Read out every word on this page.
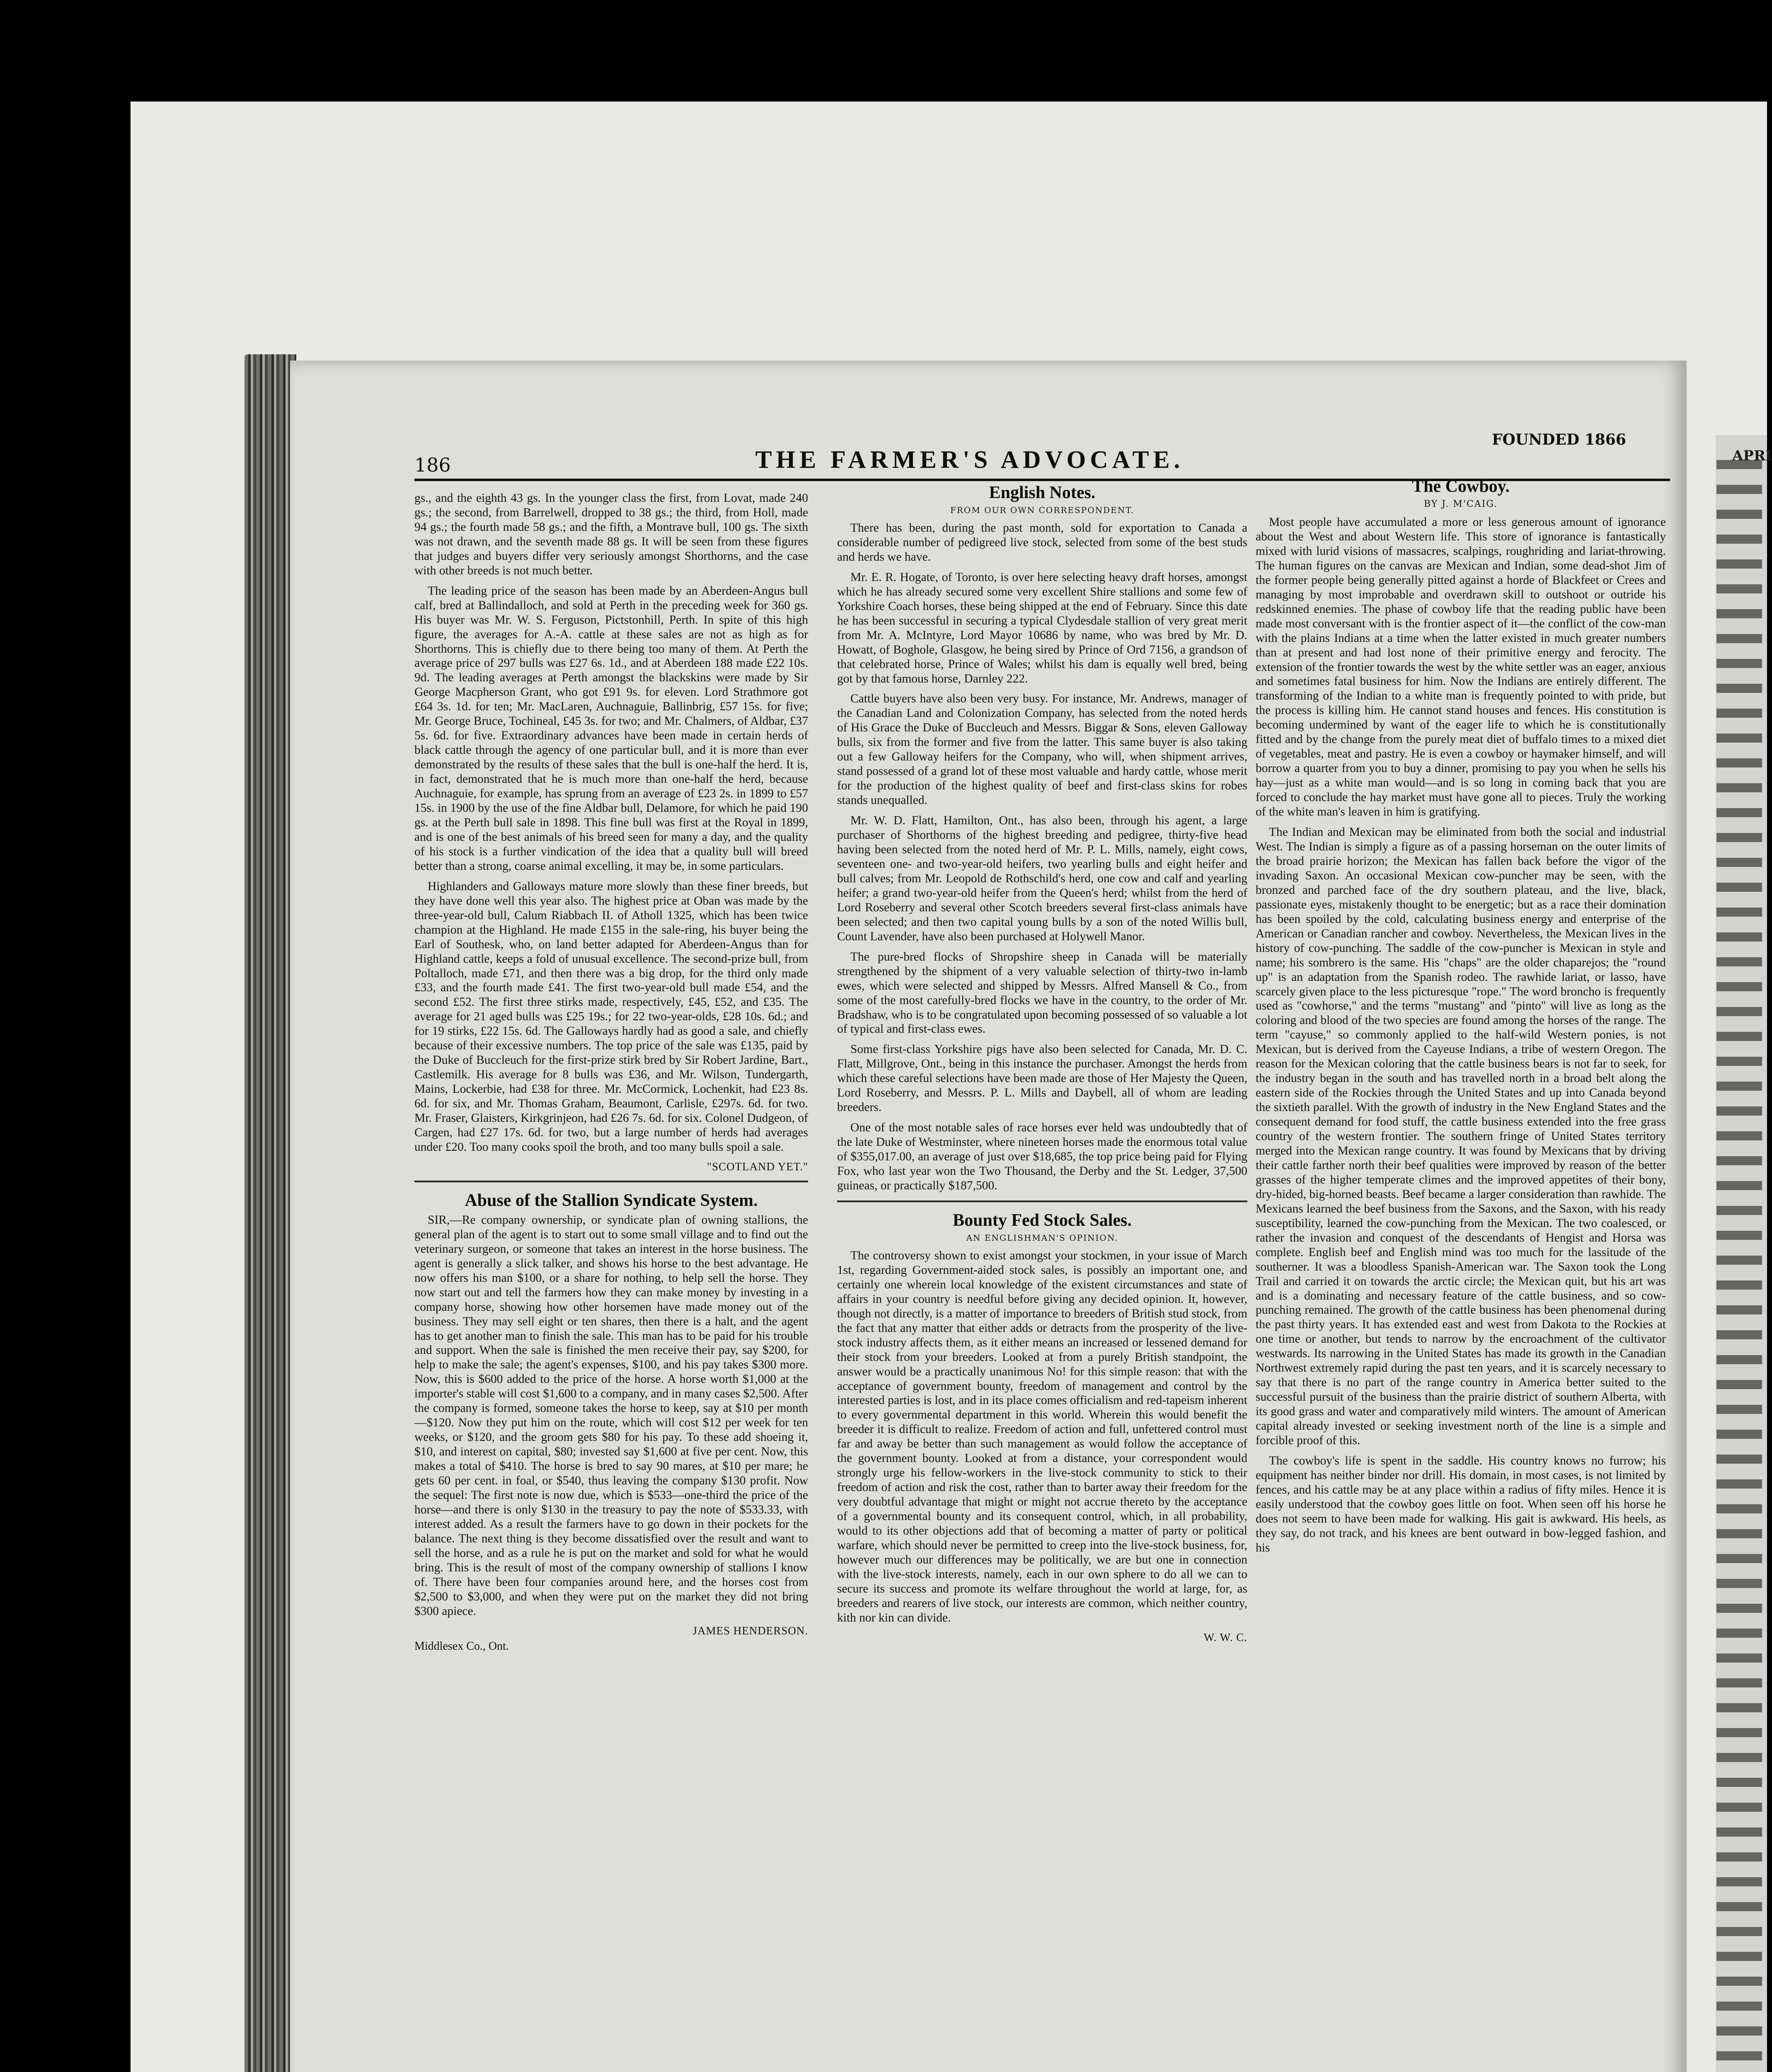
APRI
186	THE FARMER'S ADVOCATE.
FOUNDED 1866

gs., and the eighth 43 gs. In the younger class the first, from Lovat, made 240 gs.; the second, from Barrelwell, dropped to 38 gs.; the third, from Holl, made 94 gs.; the fourth made 58 gs.; and the fifth, a Montrave bull, 100 gs. The sixth was not drawn, and the seventh made 88 gs. It will be seen from these figures that judges and buyers differ very seriously amongst Shorthorns, and the case with other breeds is not much better.

The leading price of the season has been made by an Aberdeen-Angus bull calf, bred at Ballindalloch, and sold at Perth in the preceding week for 360 gs. His buyer was Mr. W. S. Ferguson, Pictstonhill, Perth. In spite of this high figure, the averages for A.-A. cattle at these sales are not as high as for Shorthorns. This is chiefly due to there being too many of them. At Perth the average price of 297 bulls was £27 6s. 1d., and at Aberdeen 188 made £22 10s. 9d. The leading averages at Perth amongst the blackskins were made by Sir George Macpherson Grant, who got £91 9s. for eleven. Lord Strathmore got £64 3s. 1d. for ten; Mr. MacLaren, Auchnaguie, Ballinbrig, £57 15s. for five; Mr. George Bruce, Tochineal, £45 3s. for two; and Mr. Chalmers, of Aldbar, £37 5s. 6d. for five. Extraordinary advances have been made in certain herds of black cattle through the agency of one particular bull, and it is more than ever demonstrated by the results of these sales that the bull is one-half the herd. It is, in fact, demonstrated that he is much more than one-half the herd, because Auchnaguie, for example, has sprung from an average of £23 2s. in 1899 to £57 15s. in 1900 by the use of the fine Aldbar bull, Delamore, for which he paid 190 gs. at the Perth bull sale in 1898. This fine bull was first at the Royal in 1899, and is one of the best animals of his breed seen for many a day, and the quality of his stock is a further vindication of the idea that a quality bull will breed better than a strong, coarse animal excelling, it may be, in some particulars.

Highlanders and Galloways mature more slowly than these finer breeds, but they have done well this year also. The highest price at Oban was made by the three-year-old bull, Calum Riabbach II. of Atholl 1325, which has been twice champion at the Highland. He made £155 in the sale-ring, his buyer being the Earl of Southesk, who, on land better adapted for Aberdeen-Angus than for Highland cattle, keeps a fold of unusual excellence. The second-prize bull, from Poltalloch, made £71, and then there was a big drop, for the third only made £33, and the fourth made £41. The first two-year-old bull made £54, and the second £52. The first three stirks made, respectively, £45, £52, and £35. The average for 21 aged bulls was £25 19s.; for 22 two-year-olds, £28 10s. 6d.; and for 19 stirks, £22 15s. 6d. The Galloways hardly had as good a sale, and chiefly because of their excessive numbers. The top price of the sale was £135, paid by the Duke of Buccleuch for the first-prize stirk bred by Sir Robert Jardine, Bart., Castlemilk. His average for 8 bulls was £36, and Mr. Wilson, Tundergarth, Mains, Lockerbie, had £38 for three. Mr. McCormick, Lochenkit, had £23 8s. 6d. for six, and Mr. Thomas Graham, Beaumont, Carlisle, £297s. 6d. for two. Mr. Fraser, Glaisters, Kirkgrinjeon, had £26 7s. 6d. for six. Colonel Dudgeon, of Cargen, had £27 17s. 6d. for two, but a large number of herds had averages under £20. Too many cooks spoil the broth, and too many bulls spoil a sale.

"SCOTLAND YET."
Abuse of the Stallion Syndicate System.

SIR,—Re company ownership, or syndicate plan of owning stallions, the general plan of the agent is to start out to some small village and to find out the veterinary surgeon, or someone that takes an interest in the horse business. The agent is generally a slick talker, and shows his horse to the best advantage. He now offers his man $100, or a share for nothing, to help sell the horse. They now start out and tell the farmers how they can make money by investing in a company horse, showing how other horsemen have made money out of the business. They may sell eight or ten shares, then there is a halt, and the agent has to get another man to finish the sale. This man has to be paid for his trouble and support. When the sale is finished the men receive their pay, say $200, for help to make the sale; the agent's expenses, $100, and his pay takes $300 more. Now, this is $600 added to the price of the horse. A horse worth $1,000 at the importer's stable will cost $1,600 to a company, and in many cases $2,500. After the company is formed, someone takes the horse to keep, say at $10 per month—$120. Now they put him on the route, which will cost $12 per week for ten weeks, or $120, and the groom gets $80 for his pay. To these add shoeing it, $10, and interest on capital, $80; invested say $1,600 at five per cent. Now, this makes a total of $410. The horse is bred to say 90 mares, at $10 per mare; he gets 60 per cent. in foal, or $540, thus leaving the company $130 profit. Now the sequel: The first note is now due, which is $533—one-third the price of the horse—and there is only $130 in the treasury to pay the note of $533.33, with interest added. As a result the farmers have to go down in their pockets for the balance. The next thing is they become dissatisfied over the result and want to sell the horse, and as a rule he is put on the market and sold for what he would bring. This is the result of most of the company ownership of stallions I know of. There have been four companies around here, and the horses cost from $2,500 to $3,000, and when they were put on the market they did not bring $300 apiece.

JAMES HENDERSON.
Middlesex Co., Ont.
English Notes.
FROM OUR OWN CORRESPONDENT.

There has been, during the past month, sold for exportation to Canada a considerable number of pedigreed live stock, selected from some of the best studs and herds we have.

Mr. E. R. Hogate, of Toronto, is over here selecting heavy draft horses, amongst which he has already secured some very excellent Shire stallions and some few of Yorkshire Coach horses, these being shipped at the end of February. Since this date he has been successful in securing a typical Clydesdale stallion of very great merit from Mr. A. McIntyre, Lord Mayor 10686 by name, who was bred by Mr. D. Howatt, of Boghole, Glasgow, he being sired by Prince of Ord 7156, a grandson of that celebrated horse, Prince of Wales; whilst his dam is equally well bred, being got by that famous horse, Darnley 222.

Cattle buyers have also been very busy. For instance, Mr. Andrews, manager of the Canadian Land and Colonization Company, has selected from the noted herds of His Grace the Duke of Buccleuch and Messrs. Biggar & Sons, eleven Galloway bulls, six from the former and five from the latter. This same buyer is also taking out a few Galloway heifers for the Company, who will, when shipment arrives, stand possessed of a grand lot of these most valuable and hardy cattle, whose merit for the production of the highest quality of beef and first-class skins for robes stands unequalled.

Mr. W. D. Flatt, Hamilton, Ont., has also been, through his agent, a large purchaser of Shorthorns of the highest breeding and pedigree, thirty-five head having been selected from the noted herd of Mr. P. L. Mills, namely, eight cows, seventeen one- and two-year-old heifers, two yearling bulls and eight heifer and bull calves; from Mr. Leopold de Rothschild's herd, one cow and calf and yearling heifer; a grand two-year-old heifer from the Queen's herd; whilst from the herd of Lord Roseberry and several other Scotch breeders several first-class animals have been selected; and then two capital young bulls by a son of the noted Willis bull, Count Lavender, have also been purchased at Holywell Manor.

The pure-bred flocks of Shropshire sheep in Canada will be materially strengthened by the shipment of a very valuable selection of thirty-two in-lamb ewes, which were selected and shipped by Messrs. Alfred Mansell & Co., from some of the most carefully-bred flocks we have in the country, to the order of Mr. Bradshaw, who is to be congratulated upon becoming possessed of so valuable a lot of typical and first-class ewes.

Some first-class Yorkshire pigs have also been selected for Canada, Mr. D. C. Flatt, Millgrove, Ont., being in this instance the purchaser. Amongst the herds from which these careful selections have been made are those of Her Majesty the Queen, Lord Roseberry, and Messrs. P. L. Mills and Daybell, all of whom are leading breeders.

One of the most notable sales of race horses ever held was undoubtedly that of the late Duke of Westminster, where nineteen horses made the enormous total value of $355,017.00, an average of just over $18,685, the top price being paid for Flying Fox, who last year won the Two Thousand, the Derby and the St. Ledger, 37,500 guineas, or practically $187,500.

Bounty Fed Stock Sales.
AN ENGLISHMAN'S OPINION.

The controversy shown to exist amongst your stockmen, in your issue of March 1st, regarding Government-aided stock sales, is possibly an important one, and certainly one wherein local knowledge of the existent circumstances and state of affairs in your country is needful before giving any decided opinion. It, however, though not directly, is a matter of importance to breeders of British stud stock, from the fact that any matter that either adds or detracts from the prosperity of the live-stock industry affects them, as it either means an increased or lessened demand for their stock from your breeders. Looked at from a purely British standpoint, the answer would be a practically unanimous No! for this simple reason: that with the acceptance of government bounty, freedom of management and control by the interested parties is lost, and in its place comes officialism and red-tapeism inherent to every governmental department in this world. Wherein this would benefit the breeder it is difficult to realize. Freedom of action and full, unfettered control must far and away be better than such management as would follow the acceptance of the government bounty. Looked at from a distance, your correspondent would strongly urge his fellow-workers in the live-stock community to stick to their freedom of action and risk the cost, rather than to barter away their freedom for the very doubtful advantage that might or might not accrue thereto by the acceptance of a governmental bounty and its consequent control, which, in all probability, would to its other objections add that of becoming a matter of party or political warfare, which should never be permitted to creep into the live-stock business, for, however much our differences may be politically, we are but one in connection with the live-stock interests, namely, each in our own sphere to do all we can to secure its success and promote its welfare throughout the world at large, for, as breeders and rearers of live stock, our interests are common, which neither country, kith nor kin can divide.

W. W. C.
The Cowboy.
BY J. M'CAIG.

Most people have accumulated a more or less generous amount of ignorance about the West and about Western life. This store of ignorance is fantastically mixed with lurid visions of massacres, scalpings, roughriding and lariat-throwing. The human figures on the canvas are Mexican and Indian, some dead-shot Jim of the former people being generally pitted against a horde of Blackfeet or Crees and managing by most improbable and overdrawn skill to outshoot or outride his redskinned enemies. The phase of cowboy life that the reading public have been made most conversant with is the frontier aspect of it—the conflict of the cow-man with the plains Indians at a time when the latter existed in much greater numbers than at present and had lost none of their primitive energy and ferocity. The extension of the frontier towards the west by the white settler was an eager, anxious and sometimes fatal business for him. Now the Indians are entirely different. The transforming of the Indian to a white man is frequently pointed to with pride, but the process is killing him. He cannot stand houses and fences. His constitution is becoming undermined by want of the eager life to which he is constitutionally fitted and by the change from the purely meat diet of buffalo times to a mixed diet of vegetables, meat and pastry. He is even a cowboy or haymaker himself, and will borrow a quarter from you to buy a dinner, promising to pay you when he sells his hay—just as a white man would—and is so long in coming back that you are forced to conclude the hay market must have gone all to pieces. Truly the working of the white man's leaven in him is gratifying.

The Indian and Mexican may be eliminated from both the social and industrial West. The Indian is simply a figure as of a passing horseman on the outer limits of the broad prairie horizon; the Mexican has fallen back before the vigor of the invading Saxon. An occasional Mexican cow-puncher may be seen, with the bronzed and parched face of the dry southern plateau, and the live, black, passionate eyes, mistakenly thought to be energetic; but as a race their domination has been spoiled by the cold, calculating business energy and enterprise of the American or Canadian rancher and cowboy. Nevertheless, the Mexican lives in the history of cow-punching. The saddle of the cow-puncher is Mexican in style and name; his sombrero is the same. His "chaps" are the older chaparejos; the "round up" is an adaptation from the Spanish rodeo. The rawhide lariat, or lasso, have scarcely given place to the less picturesque "rope." The word broncho is frequently used as "cowhorse," and the terms "mustang" and "pinto" will live as long as the coloring and blood of the two species are found among the horses of the range. The term "cayuse," so commonly applied to the half-wild Western ponies, is not Mexican, but is derived from the Cayeuse Indians, a tribe of western Oregon. The reason for the Mexican coloring that the cattle business bears is not far to seek, for the industry began in the south and has travelled north in a broad belt along the eastern side of the Rockies through the United States and up into Canada beyond the sixtieth parallel. With the growth of industry in the New England States and the consequent demand for food stuff, the cattle business extended into the free grass country of the western frontier. The southern fringe of United States territory merged into the Mexican range country. It was found by Mexicans that by driving their cattle farther north their beef qualities were improved by reason of the better grasses of the higher temperate climes and the improved appetites of their bony, dry-hided, big-horned beasts. Beef became a larger consideration than rawhide. The Mexicans learned the beef business from the Saxons, and the Saxon, with his ready susceptibility, learned the cow-punching from the Mexican. The two coalesced, or rather the invasion and conquest of the descendants of Hengist and Horsa was complete. English beef and English mind was too much for the lassitude of the southerner. It was a bloodless Spanish-American war. The Saxon took the Long Trail and carried it on towards the arctic circle; the Mexican quit, but his art was and is a dominating and necessary feature of the cattle business, and so cow-punching remained. The growth of the cattle business has been phenomenal during the past thirty years. It has extended east and west from Dakota to the Rockies at one time or another, but tends to narrow by the encroachment of the cultivator westwards. Its narrowing in the United States has made its growth in the Canadian Northwest extremely rapid during the past ten years, and it is scarcely necessary to say that there is no part of the range country in America better suited to the successful pursuit of the business than the prairie district of southern Alberta, with its good grass and water and comparatively mild winters. The amount of American capital already invested or seeking investment north of the line is a simple and forcible proof of this.

The cowboy's life is spent in the saddle. His country knows no furrow; his equipment has neither binder nor drill. His domain, in most cases, is not limited by fences, and his cattle may be at any place within a radius of fifty miles. Hence it is easily understood that the cowboy goes little on foot. When seen off his horse he does not seem to have been made for walking. His gait is awkward. His heels, as they say, do not track, and his knees are bent outward in bow-legged fashion, and his
